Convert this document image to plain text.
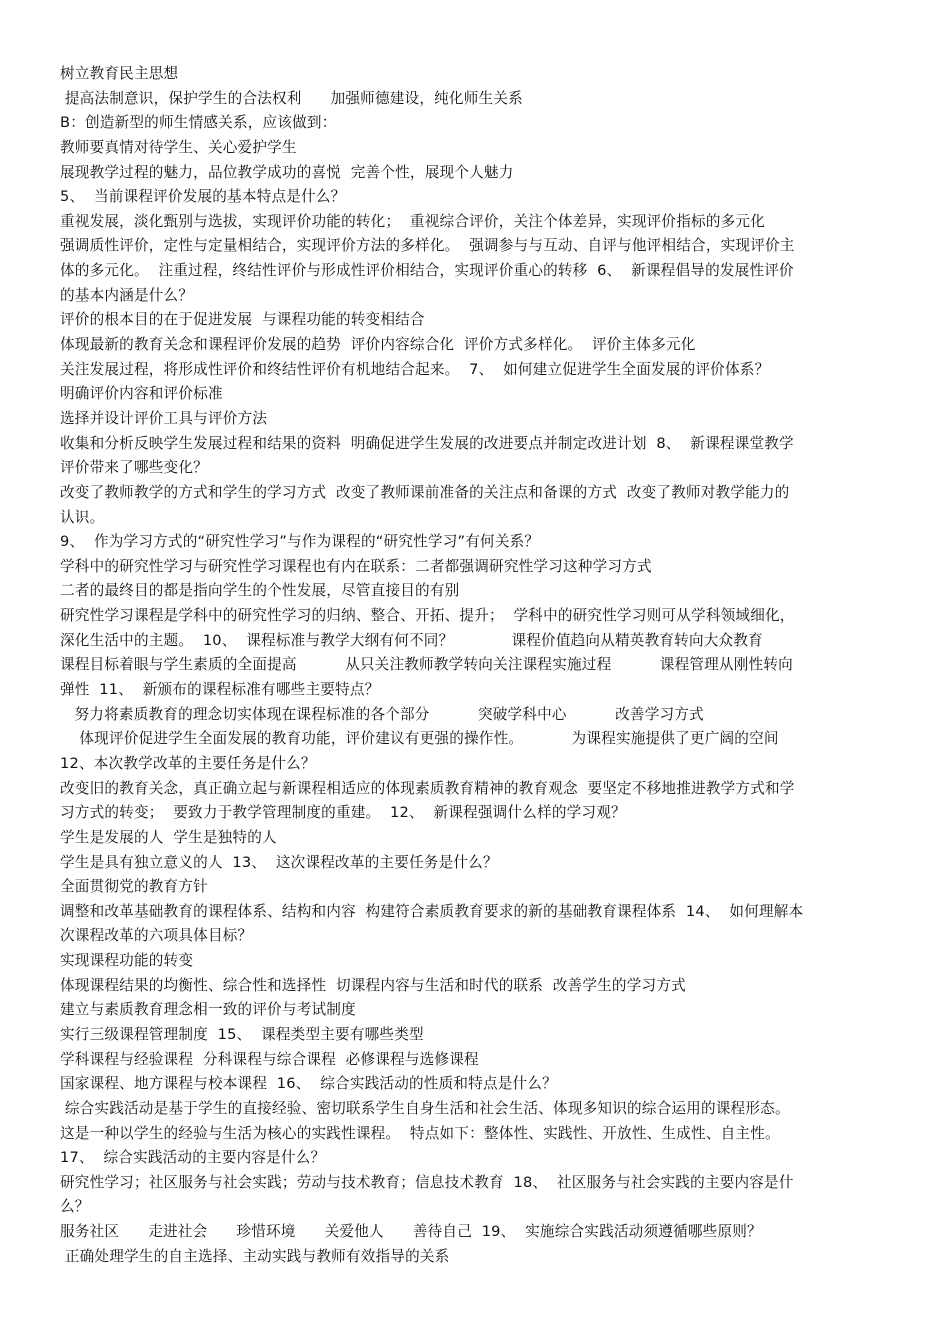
树立教育民主思想
提高法制意识，保护学生的合法权利      加强师德建设，纯化师生关系
B：创造新型的师生情感关系，应该做到：
教师要真情对待学生、关心爱护学生
展现教学过程的魅力，品位教学成功的喜悦  完善个性，展现个人魅力
5、  当前课程评价发展的基本特点是什么？
重视发展，淡化甄别与选拔，实现评价功能的转化；  重视综合评价，关注个体差异，实现评价指标的多元化
强调质性评价，定性与定量相结合，实现评价方法的多样化。  强调参与与互动、自评与他评相结合，实现评价主
体的多元化。  注重过程，终结性评价与形成性评价相结合，实现评价重心的转移  6、  新课程倡导的发展性评价
的基本内涵是什么？
评价的根本目的在于促进发展  与课程功能的转变相结合
体现最新的教育关念和课程评价发展的趋势  评价内容综合化  评价方式多样化。  评价主体多元化
关注发展过程，将形成性评价和终结性评价有机地结合起来。  7、  如何建立促进学生全面发展的评价体系？
明确评价内容和评价标准
选择并设计评价工具与评价方法
收集和分析反映学生发展过程和结果的资料  明确促进学生发展的改进要点并制定改进计划  8、  新课程课堂教学
评价带来了哪些变化？
改变了教师教学的方式和学生的学习方式  改变了教师课前准备的关注点和备课的方式  改变了教师对教学能力的
认识。
9、  作为学习方式的“研究性学习”与作为课程的“研究性学习”有何关系？
学科中的研究性学习与研究性学习课程也有内在联系：二者都强调研究性学习这种学习方式
二者的最终目的都是指向学生的个性发展，尽管直接目的有别
研究性学习课程是学科中的研究性学习的归纳、整合、开拓、提升；  学科中的研究性学习则可从学科领域细化，
深化生活中的主题。  10、  课程标准与教学大纲有何不同？            课程价值趋向从精英教育转向大众教育
课程目标着眼与学生素质的全面提高          从只关注教师教学转向关注课程实施过程          课程管理从刚性转向
弹性  11、  新颁布的课程标准有哪些主要特点？
努力将素质教育的理念切实体现在课程标准的各个部分          突破学科中心          改善学习方式
体现评价促进学生全面发展的教育功能，评价建议有更强的操作性。          为课程实施提供了更广阔的空间
12、本次教学改革的主要任务是什么？
改变旧的教育关念，真正确立起与新课程相适应的体现素质教育精神的教育观念  要坚定不移地推进教学方式和学
习方式的转变；  要致力于教学管理制度的重建。  12、  新课程强调什么样的学习观？
学生是发展的人  学生是独特的人
学生是具有独立意义的人  13、  这次课程改革的主要任务是什么？
全面贯彻党的教育方针
调整和改革基础教育的课程体系、结构和内容  构建符合素质教育要求的新的基础教育课程体系  14、  如何理解本
次课程改革的六项具体目标？
实现课程功能的转变
体现课程结果的均衡性、综合性和选择性  切课程内容与生活和时代的联系  改善学生的学习方式
建立与素质教育理念相一致的评价与考试制度
实行三级课程管理制度  15、  课程类型主要有哪些类型
学科课程与经验课程  分科课程与综合课程  必修课程与选修课程
国家课程、地方课程与校本课程  16、  综合实践活动的性质和特点是什么？
综合实践活动是基于学生的直接经验、密切联系学生自身生活和社会生活、体现多知识的综合运用的课程形态。
这是一种以学生的经验与生活为核心的实践性课程。  特点如下：整体性、实践性、开放性、生成性、自主性。
17、  综合实践活动的主要内容是什么？
研究性学习；社区服务与社会实践；劳动与技术教育；信息技术教育  18、  社区服务与社会实践的主要内容是什
么？
服务社区      走进社会      珍惜环境      关爱他人      善待自己  19、  实施综合实践活动须遵循哪些原则？
正确处理学生的自主选择、主动实践与教师有效指导的关系
